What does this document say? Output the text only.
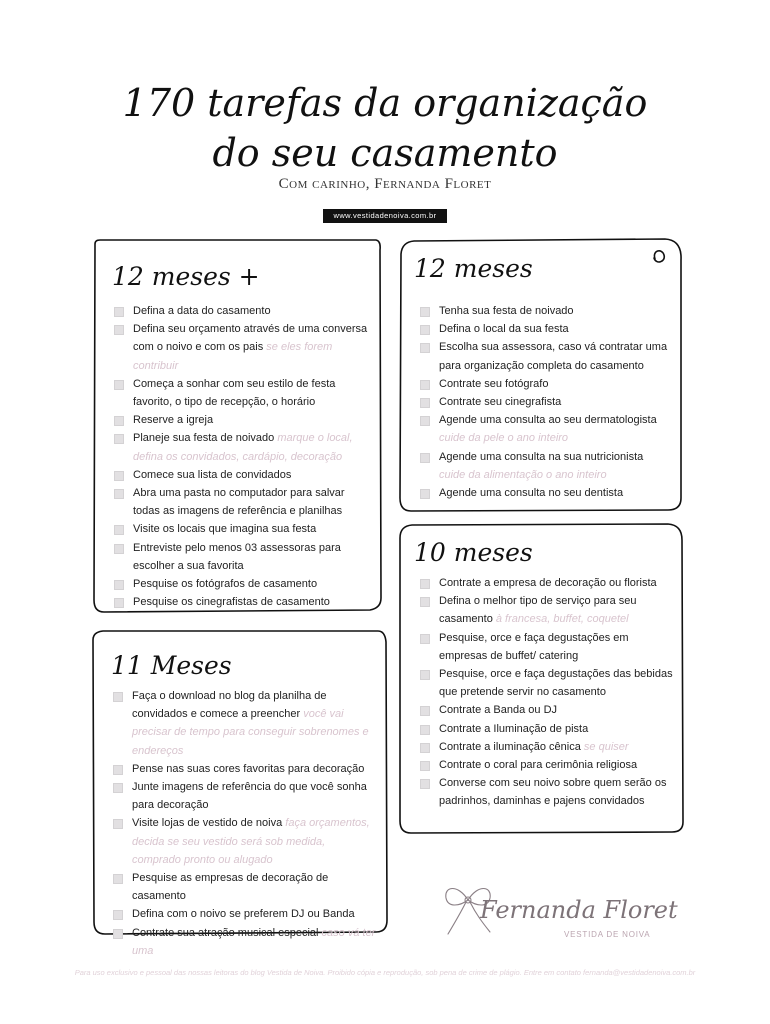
170 tarefas da organização
do seu casamento
Com carinho, Fernanda Floret
www.vestidadenoiva.com.br
12 meses +
Defina a data do casamento
Defina seu orçamento através de uma conversa com o noivo e com os pais se eles forem contribuir
Começa a sonhar com seu estilo de festa favorito, o tipo de recepção, o horário
Reserve a igreja
Planeje sua festa de noivado marque o local, defina os convidados, cardápio, decoração
Comece sua lista de convidados
Abra uma pasta no computador para salvar todas as imagens de referência e planilhas
Visite os locais que imagina sua festa
Entreviste pelo menos 03 assessoras para escolher a sua favorita
Pesquise os fotógrafos de casamento
Pesquise os cinegrafistas de casamento
12 meses
Tenha sua festa de noivado
Defina o local da sua festa
Escolha sua assessora, caso vá contratar uma para organização completa do casamento
Contrate seu fotógrafo
Contrate seu cinegrafista
Agende uma consulta ao seu dermatologista cuide da pele o ano inteiro
Agende uma consulta na sua nutricionista cuide da alimentação o ano inteiro
Agende uma consulta no seu dentista
11 Meses
Faça o download no blog da planilha de convidados e comece a preencher você vai precisar de tempo para conseguir sobrenomes e endereços
Pense nas suas cores favoritas para decoração
Junte imagens de referência do que você sonha para decoração
Visite lojas de vestido de noiva faça orçamentos, decida se seu vestido será sob medida, comprado pronto ou alugado
Pesquise as empresas de decoração de casamento
Defina com o noivo se preferem DJ ou Banda
Contrate sua atração musical especial caso vá ter uma
10 meses
Contrate a empresa de decoração ou florista
Defina o melhor tipo de serviço para seu casamento à francesa, buffet, coquetel
Pesquise, orce e faça degustações em empresas de buffet/ catering
Pesquise, orce e faça degustações das bebidas que pretende servir no casamento
Contrate a Banda ou DJ
Contrate a Iluminação de pista
Contrate a iluminação cênica se quiser
Contrate o coral para cerimônia religiosa
Converse com seu noivo sobre quem serão os padrinhos, daminhas e pajens convidados
Fernanda Floret
VESTIDA DE NOIVA
Para uso exclusivo e pessoal das nossas leitoras do blog Vestida de Noiva. Proibido cópia e reprodução, sob pena de crime de plágio. Entre em contato fernanda@vestidadenoiva.com.br
